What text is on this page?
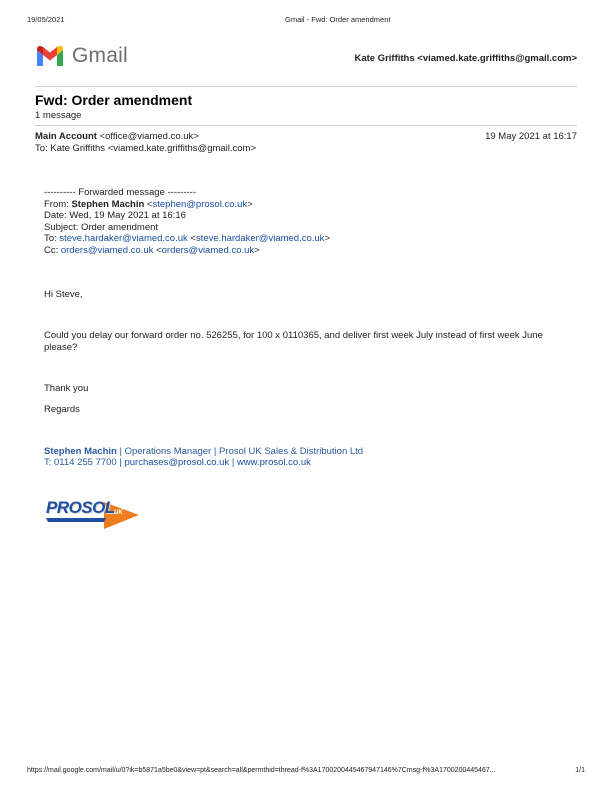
19/05/2021	Gmail - Fwd: Order amendment
Gmail	Kate Griffiths <viamed.kate.griffiths@gmail.com>
Fwd: Order amendment
1 message
Main Account <office@viamed.co.uk>	19 May 2021 at 16:17
To: Kate Griffiths <viamed.kate.griffiths@gmail.com>
---------- Forwarded message ---------
From: Stephen Machin <stephen@prosol.co.uk>
Date: Wed, 19 May 2021 at 16:16
Subject: Order amendment
To: steve.hardaker@viamed.co.uk <steve.hardaker@viamed.co.uk>
Cc: orders@viamed.co.uk <orders@viamed.co.uk>
Hi Steve,
Could you delay our forward order no. 526255, for 100 x 0110365, and deliver first week July instead of first week June
please?
Thank you
Regards
Stephen Machin | Operations Manager | Prosol UK Sales & Distribution Ltd
T: 0114 255 7700 | purchases@prosol.co.uk | www.prosol.co.uk
PROSOL UK
https://mail.google.com/mail/u/0?ik=b5871a5be0&view=pt&search=all&permthid=thread-f%3A1700200445467947146%7Cmsg-f%3A1700200445467...	1/1
